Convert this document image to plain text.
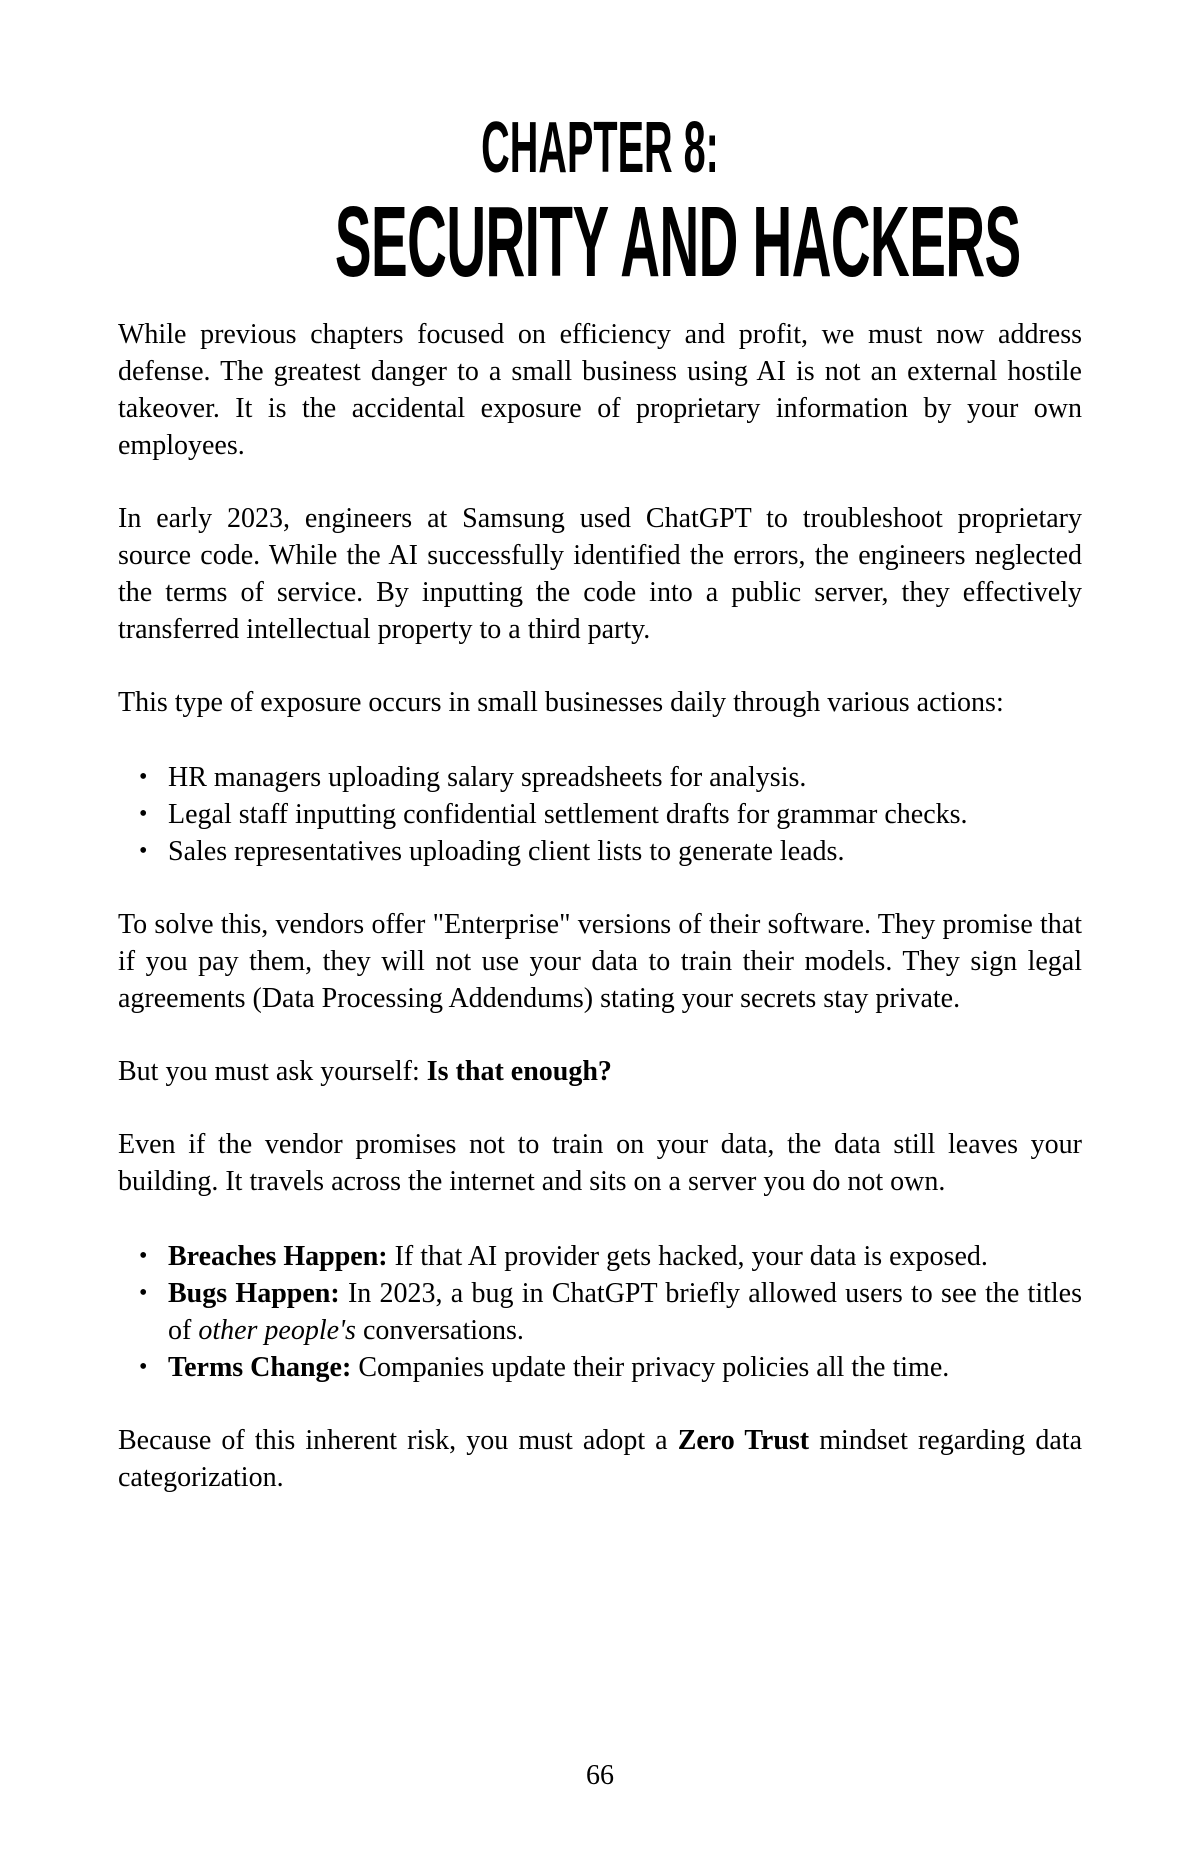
CHAPTER 8:
SECURITY AND HACKERS

While previous chapters focused on efficiency and profit, we must now address defense. The greatest danger to a small business using AI is not an external hostile takeover. It is the accidental exposure of proprietary information by your own employees.

In early 2023, engineers at Samsung used ChatGPT to troubleshoot proprietary source code. While the AI successfully identified the errors, the engineers neglected the terms of service. By inputting the code into a public server, they effectively transferred intellectual property to a third party.

This type of exposure occurs in small businesses daily through various actions:

• HR managers uploading salary spreadsheets for analysis.
• Legal staff inputting confidential settlement drafts for grammar checks.
• Sales representatives uploading client lists to generate leads.

To solve this, vendors offer "Enterprise" versions of their software. They promise that if you pay them, they will not use your data to train their models. They sign legal agreements (Data Processing Addendums) stating your secrets stay private.

But you must ask yourself: Is that enough?

Even if the vendor promises not to train on your data, the data still leaves your building. It travels across the internet and sits on a server you do not own.

• Breaches Happen: If that AI provider gets hacked, your data is exposed.
• Bugs Happen: In 2023, a bug in ChatGPT briefly allowed users to see the titles of other people's conversations.
• Terms Change: Companies update their privacy policies all the time.

Because of this inherent risk, you must adopt a Zero Trust mindset regarding data categorization.

66
